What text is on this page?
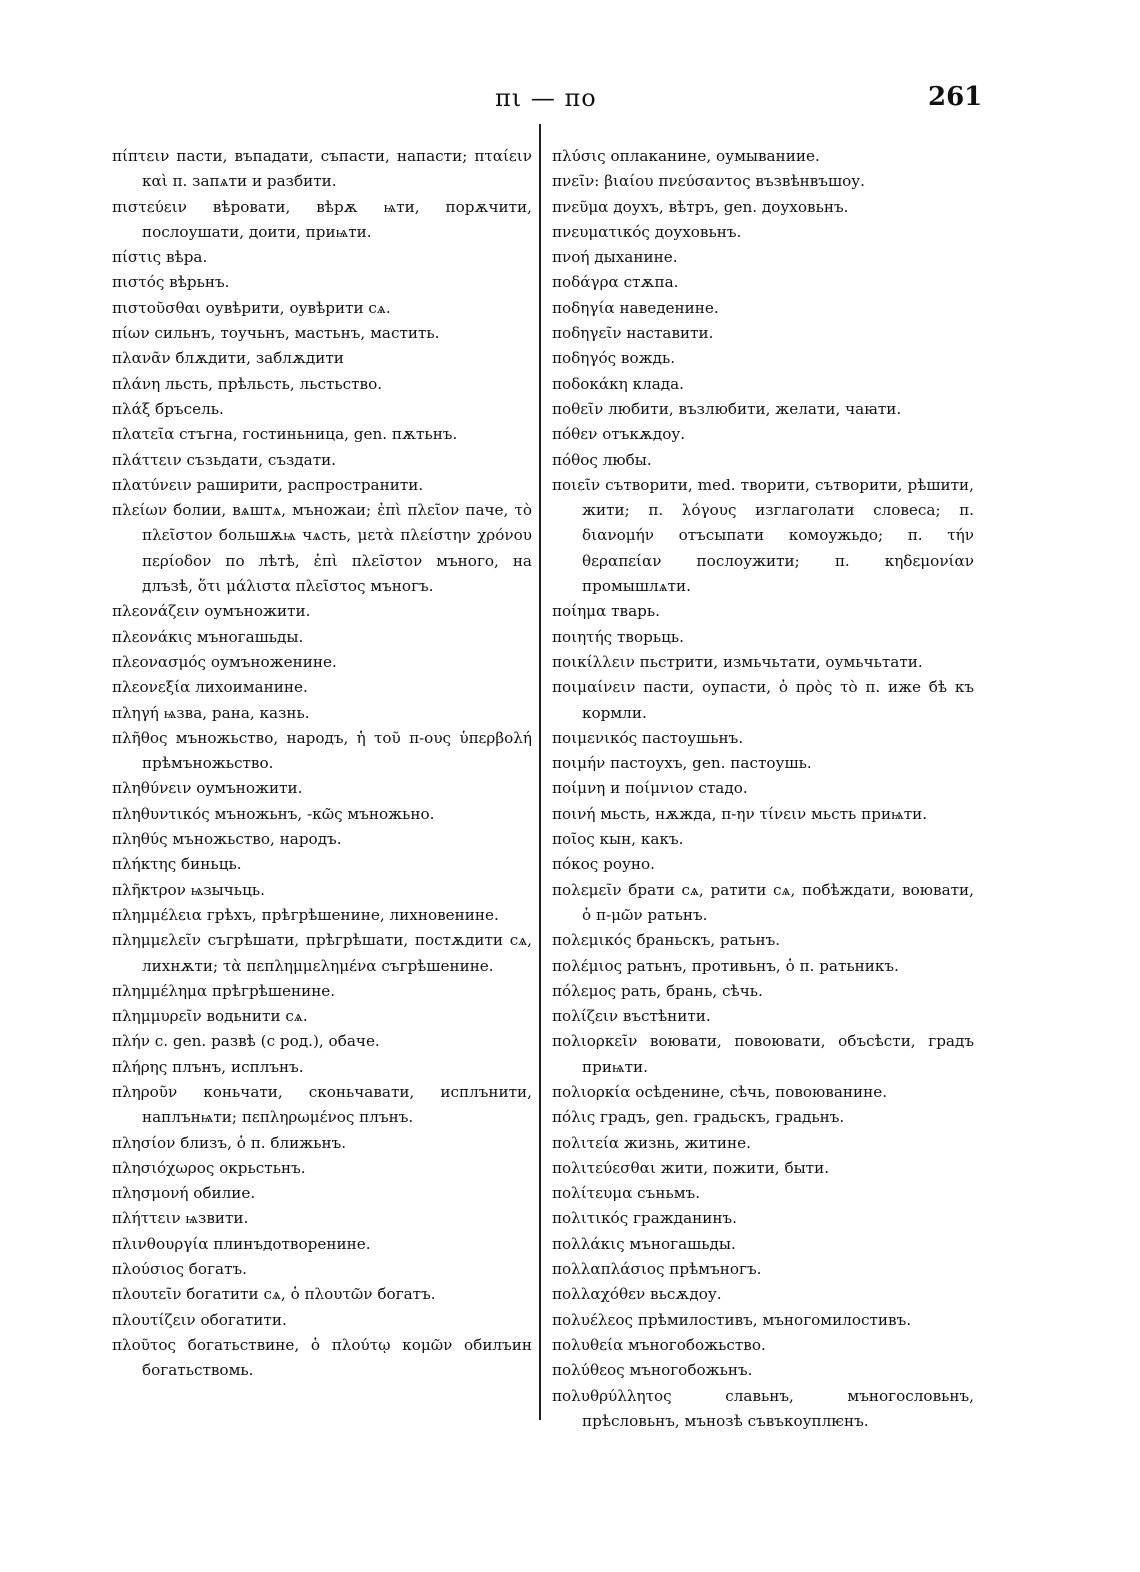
πι — πο	261
πίπτειν пасти, въпадати, съпасти, напасти; πταίειν καὶ π. запѧти и разбити.
πιστεύειν вѣровати, вѣрѫ ѩти, порѫчити, послоушати, доити, приѩти.
πίστις вѣра.
πιστός вѣрьнъ.
πιστοῦσθαι оувѣрити, оувѣрити сѧ.
πίων сильнъ, тоучьнъ, мастьнъ, мастить.
πλανᾶν блѫдити, заблѫдити
πλάνη льсть, прѣльсть, льстьство.
πλάξ бръсель.
πλατεῖα стъгна, гостиньница, gen. пѫтьнъ.
πλάττειν съзьдати, създати.
πλατύνειν раширити, распространити.
πλείων болии, вѧштѧ, мъножаи; ἐπὶ πλεῖον паче, τὸ πλεῖστον большѫѩ чѧсть, μετὰ πλείστην χρόνου περίοδον по лѣтѣ, ἐπὶ πλεῖστον мъного, на длъзѣ, ὅτι μάλιστα πλεῖστος мъногъ.
πλεονάζειν оумъножити.
πλεονάκις мъногашьды.
πλεονασμός оумъноженине.
πλεονεξία лихоиманине.
πληγή ѩзва, рана, казнь.
πλῆθος мъножьство, народъ, ἡ τοῦ π-ους ὑπερβολή прѣмъножьство.
πληθύνειν оумъножити.
πληθυντικός мъножьнъ, -κῶς мъножьно.
πληθύς мъножьство, народъ.
πλήκτης биньць.
πλῆκτρον ѩзычьць.
πλημμέλεια грѣхъ, прѣгрѣшенине, лихновенине.
πλημμελεῖν съгрѣшати, прѣгрѣшати, постѫдити сѧ, лихнѫти; τὰ πεπλημμελημένα съгрѣшенине.
πλημμέλημα прѣгрѣшенине.
πλημμυρεῖν водьнити сѧ.
πλήν c. gen. развѣ (с род.), обаче.
πλήρης плънъ, исплънъ.
πληροῦν коньчати, сконьчавати, исплънити, наплънѩти; πεπληρωμένος плънъ.
πλησίον близъ, ὁ π. ближьнъ.
πλησιόχωρος окрьстьнъ.
πλησμονή обилие.
πλήττειν ѩзвити.
πλινθουργία плинъдотворенине.
πλούσιος богатъ.
πλουτεῖν богатити сѧ, ὁ πλουτῶν богатъ.
πλουτίζειν обогатити.
πλοῦτος богатьствине, ὁ πλούτῳ κομῶν обилъин богатьствомь.
πλύσις оплаканине, оумываниие.
πνεῖν: βιαίου πνεύσαντος възвѣнвъшоу.
πνεῦμα доухъ, вѣтръ, gen. доуховьнъ.
πνευματικός доуховьнъ.
πνοή дыханине.
ποδάγρα стѫпа.
ποδηγία наведенине.
ποδηγεῖν наставити.
ποδηγός вождь.
ποδοκάκη клада.
ποθεῖν любити, възлюбити, желати, чаꙗти.
πόθεν отъкѫдоу.
πόθος любы.
ποιεῖν сътворити, med. творити, сътворити, рѣшити, жити; π. λόγους изглаголати словеса; π. διανομήν отъсыпати комоужьдо; π. τήν θεραπείαν послоужити; π. κηδεμονίαν промышлѧти.
ποίημα тварь.
ποιητής творьць.
ποικίλλειν пьстрити, измьчьтати, оумьчьтати.
ποιμαίνειν пасти, оупасти, ὁ πρὸς τὸ π. иже бѣ къ кормли.
ποιμενικός пастоушьнъ.
ποιμήν пастоухъ, gen. пастоушь.
ποίμνη и ποίμνιον стадо.
ποινή мьсть, нѫжда, π-ην τίνειν мьсть приѩти.
ποῖος кын, какъ.
πόκος роуно.
πολεμεῖν брати сѧ, ратити сѧ, побѣждати, воювати, ὁ π-μῶν ратьнъ.
πολεμικός браньскъ, ратьнъ.
πολέμιος ратьнъ, противьнъ, ὁ π. ратьникъ.
πόλεμος рать, брань, сѣчь.
πολίζειν въстѣнити.
πολιορκεῖν воювати, повоювати, объсѣсти, градъ приѩти.
πολιορκία осѣденине, сѣчь, повоюванине.
πόλις градъ, gen. градьскъ, градьнъ.
πολιτεία жизнь, житине.
πολιτεύεσθαι жити, пожити, быти.
πολίτευμα съньмъ.
πολιτικός гражданинъ.
πολλάκις мъногашьды.
πολλαπλάσιος прѣмъногъ.
πολλαχόθεν вьсѫдоу.
πολυέλεος прѣмилостивъ, мъногомилостивъ.
πολυθεία мъногобожьство.
πολύθεος мъногобожьнъ.
πολυθρύλλητος славьнъ, мъногословьнъ, прѣсловьнъ, мънозѣ съвъкоуплѥнъ.
